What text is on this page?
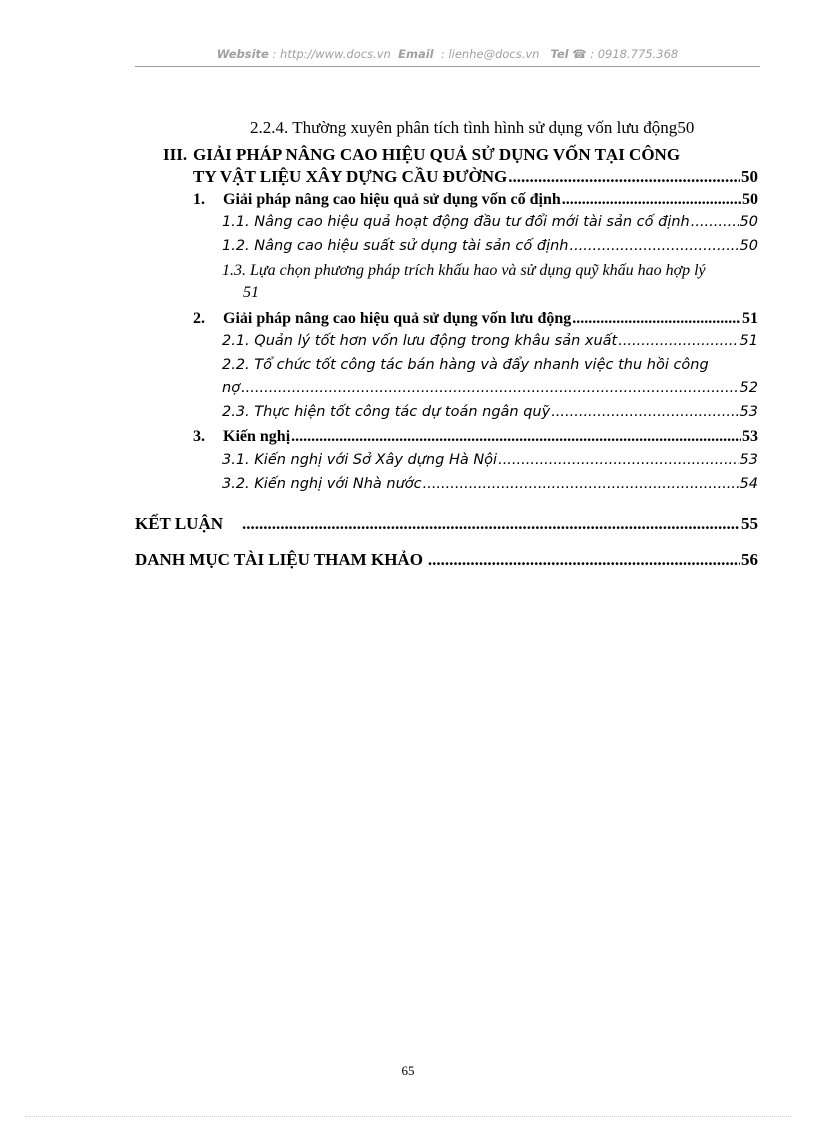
Website : http://www.docs.vn Email : lienhe@docs.vn Tel ☎ : 0918.775.368
2.2.4. Thường xuyên phân tích tình hình sử dụng vốn lưu động 50
III. GIẢI PHÁP NÂNG CAO HIỆU QUẢ SỬ DỤNG VỐN TẠI CÔNG
TY VẬT LIỆU XÂY DỰNG CẦU ĐƯỜNG .....	50
1.	Giải pháp nâng cao hiệu quả sử dụng vốn cố định .....	50
1.1. Nâng cao hiệu quả hoạt động đầu tư đổi mới tài sản cố định .....	50
1.2. Nâng cao hiệu suất sử dụng tài sản cố định .....	50
1.3. Lựa chọn phương pháp trích khấu hao và sử dụng quỹ khấu hao hợp lý
51
2.	Giải pháp nâng cao hiệu quả sử dụng vốn lưu động .....	51
2.1. Quản lý tốt hơn vốn lưu động trong khâu sản xuất .....	51
2.2. Tổ chức tốt công tác bán hàng và đẩy nhanh việc thu hồi công
nợ .....	52
2.3. Thực hiện tốt công tác dự toán ngân quỹ .....	53
3.	Kiến nghị .....	53
3.1. Kiến nghị với Sở Xây dựng Hà Nội .....	53
3.2. Kiến nghị với Nhà nước .....	54
KẾT LUẬN .....	55
DANH MỤC TÀI LIỆU THAM KHẢO .....	56
65
